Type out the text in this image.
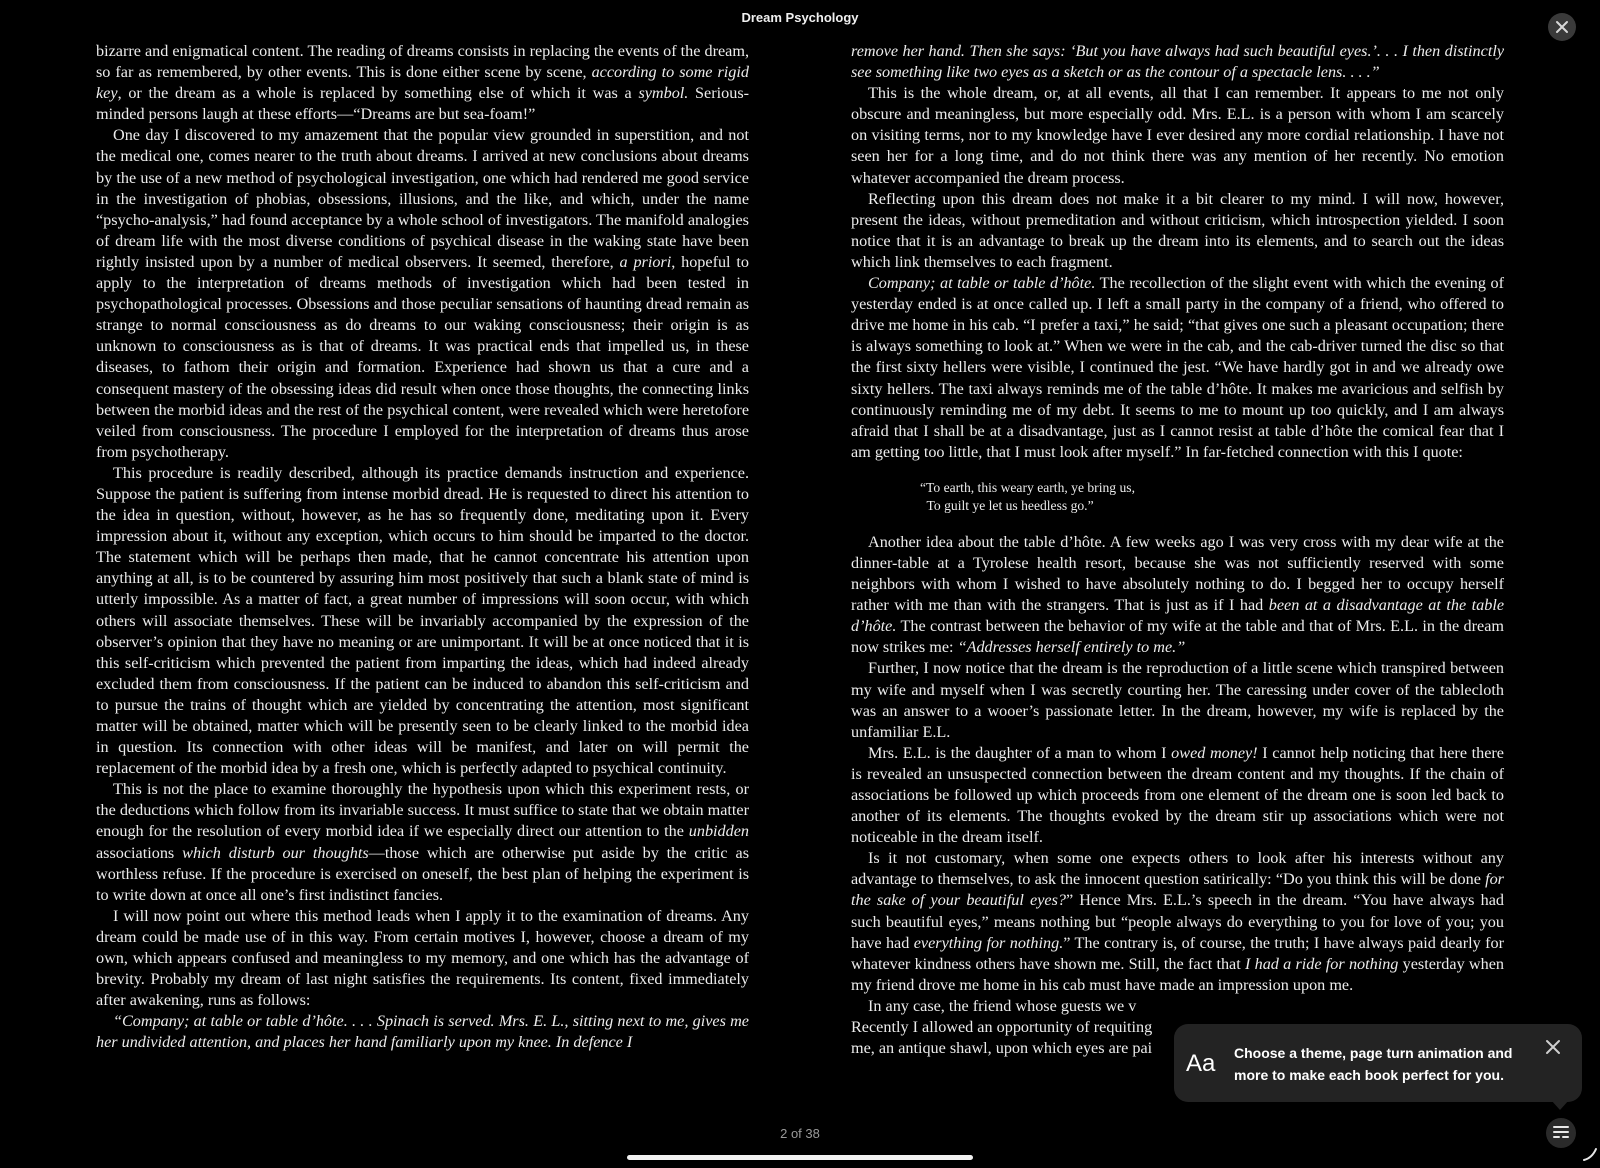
Dream Psychology

bizarre and enigmatical content. The reading of dreams consists in replacing the events of the dream, so far as remembered, by other events. This is done either scene by scene, according to some rigid key, or the dream as a whole is replaced by something else of which it was a symbol. Serious-minded persons laugh at these efforts—“Dreams are but sea-foam!”

One day I discovered to my amazement that the popular view grounded in superstition, and not the medical one, comes nearer to the truth about dreams. I arrived at new conclusions about dreams by the use of a new method of psychological investigation, one which had rendered me good service in the investigation of phobias, obsessions, illusions, and the like, and which, under the name “psycho-analysis,” had found acceptance by a whole school of investigators. The manifold analogies of dream life with the most diverse conditions of psychical disease in the waking state have been rightly insisted upon by a number of medical observers. It seemed, therefore, a priori, hopeful to apply to the interpretation of dreams methods of investigation which had been tested in psychopathological processes. Obsessions and those peculiar sensations of haunting dread remain as strange to normal consciousness as do dreams to our waking consciousness; their origin is as unknown to consciousness as is that of dreams. It was practical ends that impelled us, in these diseases, to fathom their origin and formation. Experience had shown us that a cure and a consequent mastery of the obsessing ideas did result when once those thoughts, the connecting links between the morbid ideas and the rest of the psychical content, were revealed which were heretofore veiled from consciousness. The procedure I employed for the interpretation of dreams thus arose from psychotherapy.

This procedure is readily described, although its practice demands instruction and experience. Suppose the patient is suffering from intense morbid dread. He is requested to direct his attention to the idea in question, without, however, as he has so frequently done, meditating upon it. Every impression about it, without any exception, which occurs to him should be imparted to the doctor. The statement which will be perhaps then made, that he cannot concentrate his attention upon anything at all, is to be countered by assuring him most positively that such a blank state of mind is utterly impossible. As a matter of fact, a great number of impressions will soon occur, with which others will associate themselves. These will be invariably accompanied by the expression of the observer’s opinion that they have no meaning or are unimportant. It will be at once noticed that it is this self-criticism which prevented the patient from imparting the ideas, which had indeed already excluded them from consciousness. If the patient can be induced to abandon this self-criticism and to pursue the trains of thought which are yielded by concentrating the attention, most significant matter will be obtained, matter which will be presently seen to be clearly linked to the morbid idea in question. Its connection with other ideas will be manifest, and later on will permit the replacement of the morbid idea by a fresh one, which is perfectly adapted to psychical continuity.

This is not the place to examine thoroughly the hypothesis upon which this experiment rests, or the deductions which follow from its invariable success. It must suffice to state that we obtain matter enough for the resolution of every morbid idea if we especially direct our attention to the unbidden associations which disturb our thoughts—those which are otherwise put aside by the critic as worthless refuse. If the procedure is exercised on oneself, the best plan of helping the experiment is to write down at once all one’s first indistinct fancies.

I will now point out where this method leads when I apply it to the examination of dreams. Any dream could be made use of in this way. From certain motives I, however, choose a dream of my own, which appears confused and meaningless to my memory, and one which has the advantage of brevity. Probably my dream of last night satisfies the requirements. Its content, fixed immediately after awakening, runs as follows:

“Company; at table or table d’hôte. . . . Spinach is served. Mrs. E. L., sitting next to me, gives me her undivided attention, and places her hand familiarly upon my knee. In defence I

remove her hand. Then she says: ‘But you have always had such beautiful eyes.’. . . I then distinctly see something like two eyes as a sketch or as the contour of a spectacle lens. . . .”

This is the whole dream, or, at all events, all that I can remember. It appears to me not only obscure and meaningless, but more especially odd. Mrs. E.L. is a person with whom I am scarcely on visiting terms, nor to my knowledge have I ever desired any more cordial relationship. I have not seen her for a long time, and do not think there was any mention of her recently. No emotion whatever accompanied the dream process.

Reflecting upon this dream does not make it a bit clearer to my mind. I will now, however, present the ideas, without premeditation and without criticism, which introspection yielded. I soon notice that it is an advantage to break up the dream into its elements, and to search out the ideas which link themselves to each fragment.

Company; at table or table d’hôte. The recollection of the slight event with which the evening of yesterday ended is at once called up. I left a small party in the company of a friend, who offered to drive me home in his cab. “I prefer a taxi,” he said; “that gives one such a pleasant occupation; there is always something to look at.” When we were in the cab, and the cab-driver turned the disc so that the first sixty hellers were visible, I continued the jest. “We have hardly got in and we already owe sixty hellers. The taxi always reminds me of the table d’hôte. It makes me avaricious and selfish by continuously reminding me of my debt. It seems to me to mount up too quickly, and I am always afraid that I shall be at a disadvantage, just as I cannot resist at table d’hôte the comical fear that I am getting too little, that I must look after myself.” In far-fetched connection with this I quote:

“To earth, this weary earth, ye bring us,
To guilt ye let us heedless go.”

Another idea about the table d’hôte. A few weeks ago I was very cross with my dear wife at the dinner-table at a Tyrolese health resort, because she was not sufficiently reserved with some neighbors with whom I wished to have absolutely nothing to do. I begged her to occupy herself rather with me than with the strangers. That is just as if I had been at a disadvantage at the table d’hôte. The contrast between the behavior of my wife at the table and that of Mrs. E.L. in the dream now strikes me: “Addresses herself entirely to me.”

Further, I now notice that the dream is the reproduction of a little scene which transpired between my wife and myself when I was secretly courting her. The caressing under cover of the tablecloth was an answer to a wooer’s passionate letter. In the dream, however, my wife is replaced by the unfamiliar E.L.

Mrs. E.L. is the daughter of a man to whom I owed money! I cannot help noticing that here there is revealed an unsuspected connection between the dream content and my thoughts. If the chain of associations be followed up which proceeds from one element of the dream one is soon led back to another of its elements. The thoughts evoked by the dream stir up associations which were not noticeable in the dream itself.

Is it not customary, when some one expects others to look after his interests without any advantage to themselves, to ask the innocent question satirically: “Do you think this will be done for the sake of your beautiful eyes?” Hence Mrs. E.L.’s speech in the dream. “You have always had such beautiful eyes,” means nothing but “people always do everything to you for love of you; you have had everything for nothing.” The contrary is, of course, the truth; I have always paid dearly for whatever kindness others have shown me. Still, the fact that I had a ride for nothing yesterday when my friend drove me home in his cab must have made an impression upon me.

In any case, the friend whose guests we v
Recently I allowed an opportunity of requiting
me, an antique shawl, upon which eyes are pai

Aa Choose a theme, page turn animation and more to make each book perfect for you.
2 of 38
